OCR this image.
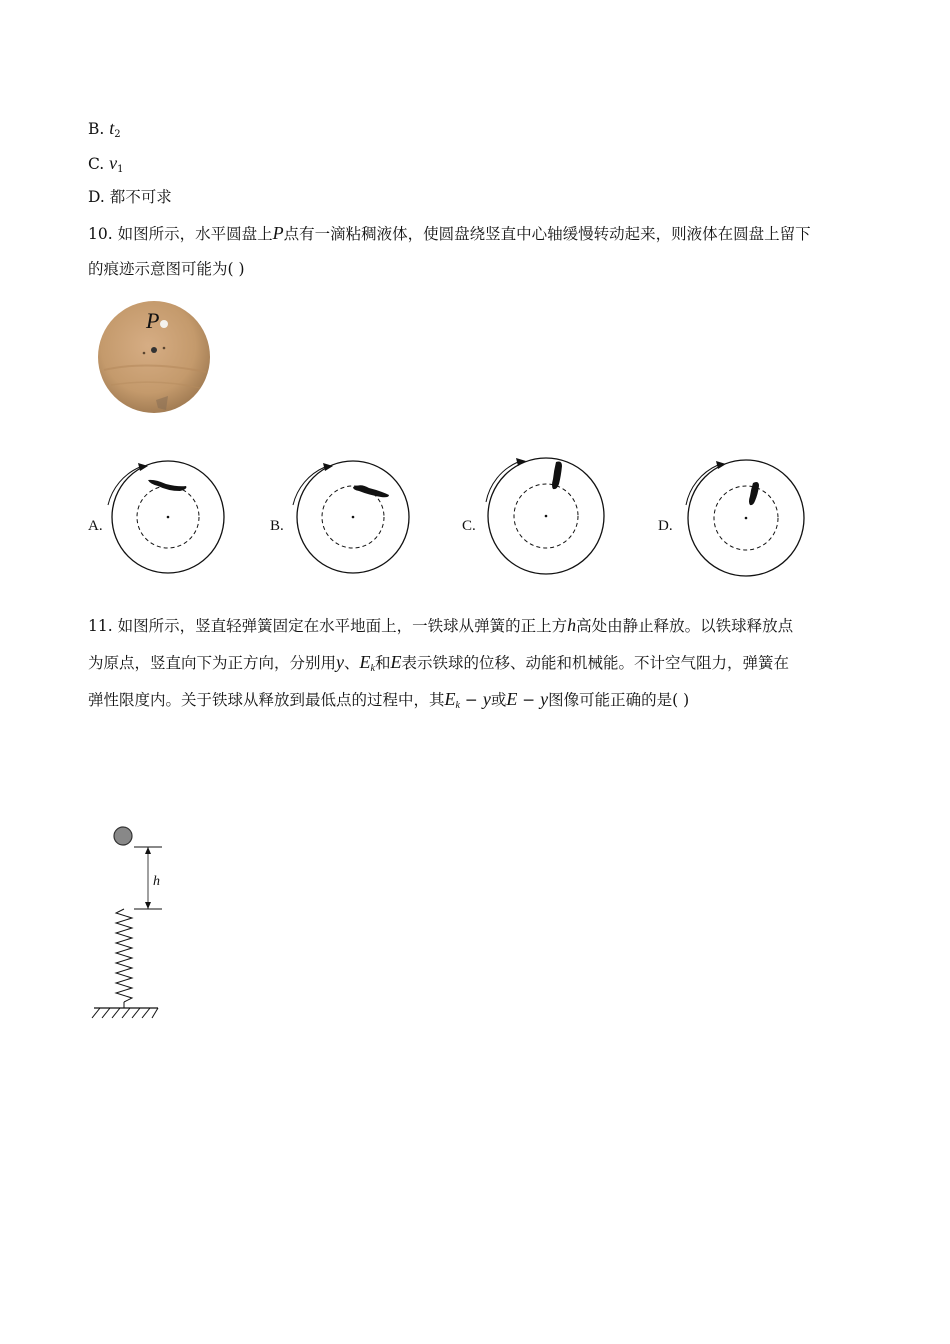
B. $t_2$
C. $v_1$
D. 都不可求
10. 如图所示，水平圆盘上P点有一滴粘稠液体，使圆盘绕竖直中心轴缓慢转动起来，则液体在圆盘上留下
的痕迹示意图可能为( )
P
A.	B.	C.	D.
11. 如图所示，竖直轻弹簧固定在水平地面上，一铁球从弹簧的正上方h高处由静止释放。以铁球释放点
为原点，竖直向下为正方向，分别用y、$E_k$和E表示铁球的位移、动能和机械能。不计空气阻力，弹簧在
弹性限度内。关于铁球从释放到最低点的过程中，其$E_k - y$或E − y图像可能正确的是( )
h
